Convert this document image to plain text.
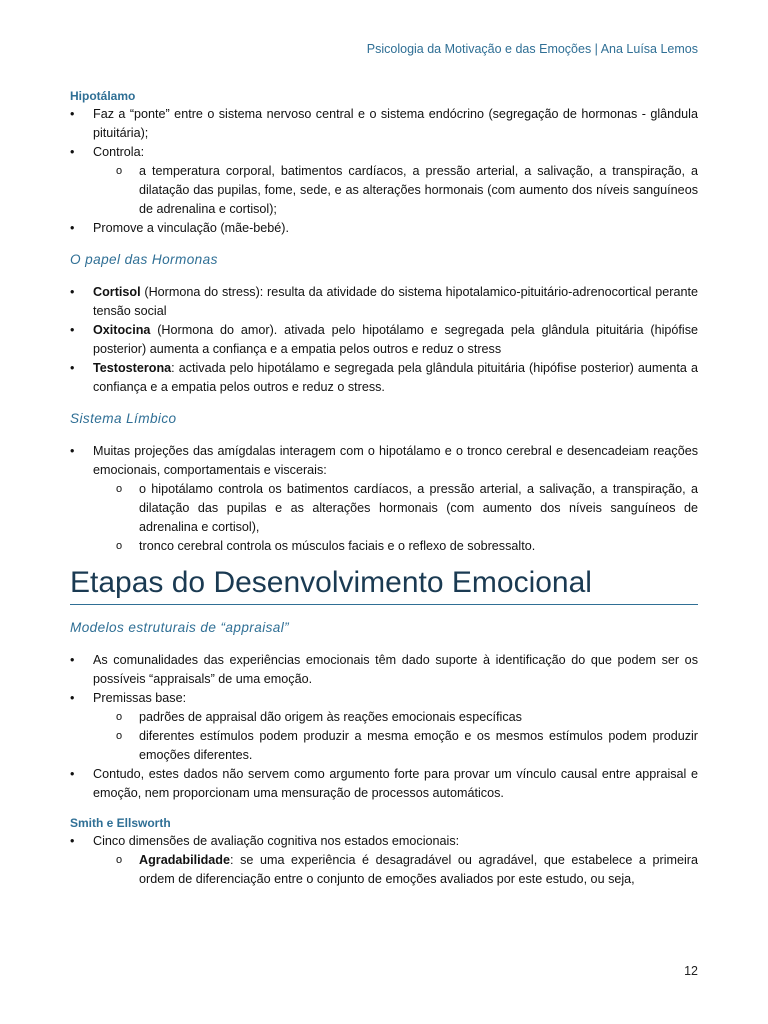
Psicologia da Motivação e das Emoções | Ana Luísa Lemos
Hipotálamo
• Faz a “ponte” entre o sistema nervoso central e o sistema endócrino (segregação de hormonas - glândula pituitária);
• Controla:
o a temperatura corporal, batimentos cardíacos, a pressão arterial, a salivação, a transpiração, a dilatação das pupilas, fome, sede, e as alterações hormonais (com aumento dos níveis sanguíneos de adrenalina e cortisol);
• Promove a vinculação (mãe-bebé).
O papel das Hormonas
• Cortisol (Hormona do stress): resulta da atividade do sistema hipotalamico-pituitário-adrenocortical perante tensão social
• Oxitocina (Hormona do amor). ativada pelo hipotálamo e segregada pela glândula pituitária (hipófise posterior) aumenta a confiança e a empatia pelos outros e reduz o stress
• Testosterona: activada pelo hipotálamo e segregada pela glândula pituitária (hipófise posterior) aumenta a confiança e a empatia pelos outros e reduz o stress.
Sistema Límbico
• Muitas projeções das amígdalas interagem com o hipotálamo e o tronco cerebral e desencadeiam reações emocionais, comportamentais e viscerais:
o o hipotálamo controla os batimentos cardíacos, a pressão arterial, a salivação, a transpiração, a dilatação das pupilas e as alterações hormonais (com aumento dos níveis sanguíneos de adrenalina e cortisol),
o tronco cerebral controla os músculos faciais e o reflexo de sobressalto.
Etapas do Desenvolvimento Emocional
Modelos estruturais de “appraisal”
• As comunalidades das experiências emocionais têm dado suporte à identificação do que podem ser os possíveis “appraisals” de uma emoção.
• Premissas base:
o padrões de appraisal dão origem às reações emocionais específicas
o diferentes estímulos podem produzir a mesma emoção e os mesmos estímulos podem produzir emoções diferentes.
• Contudo, estes dados não servem como argumento forte para provar um vínculo causal entre appraisal e emoção, nem proporcionam uma mensuração de processos automáticos.
Smith e Ellsworth
• Cinco dimensões de avaliação cognitiva nos estados emocionais:
o Agradabilidade: se uma experiência é desagradável ou agradável, que estabelece a primeira ordem de diferenciação entre o conjunto de emoções avaliados por este estudo, ou seja,
12
